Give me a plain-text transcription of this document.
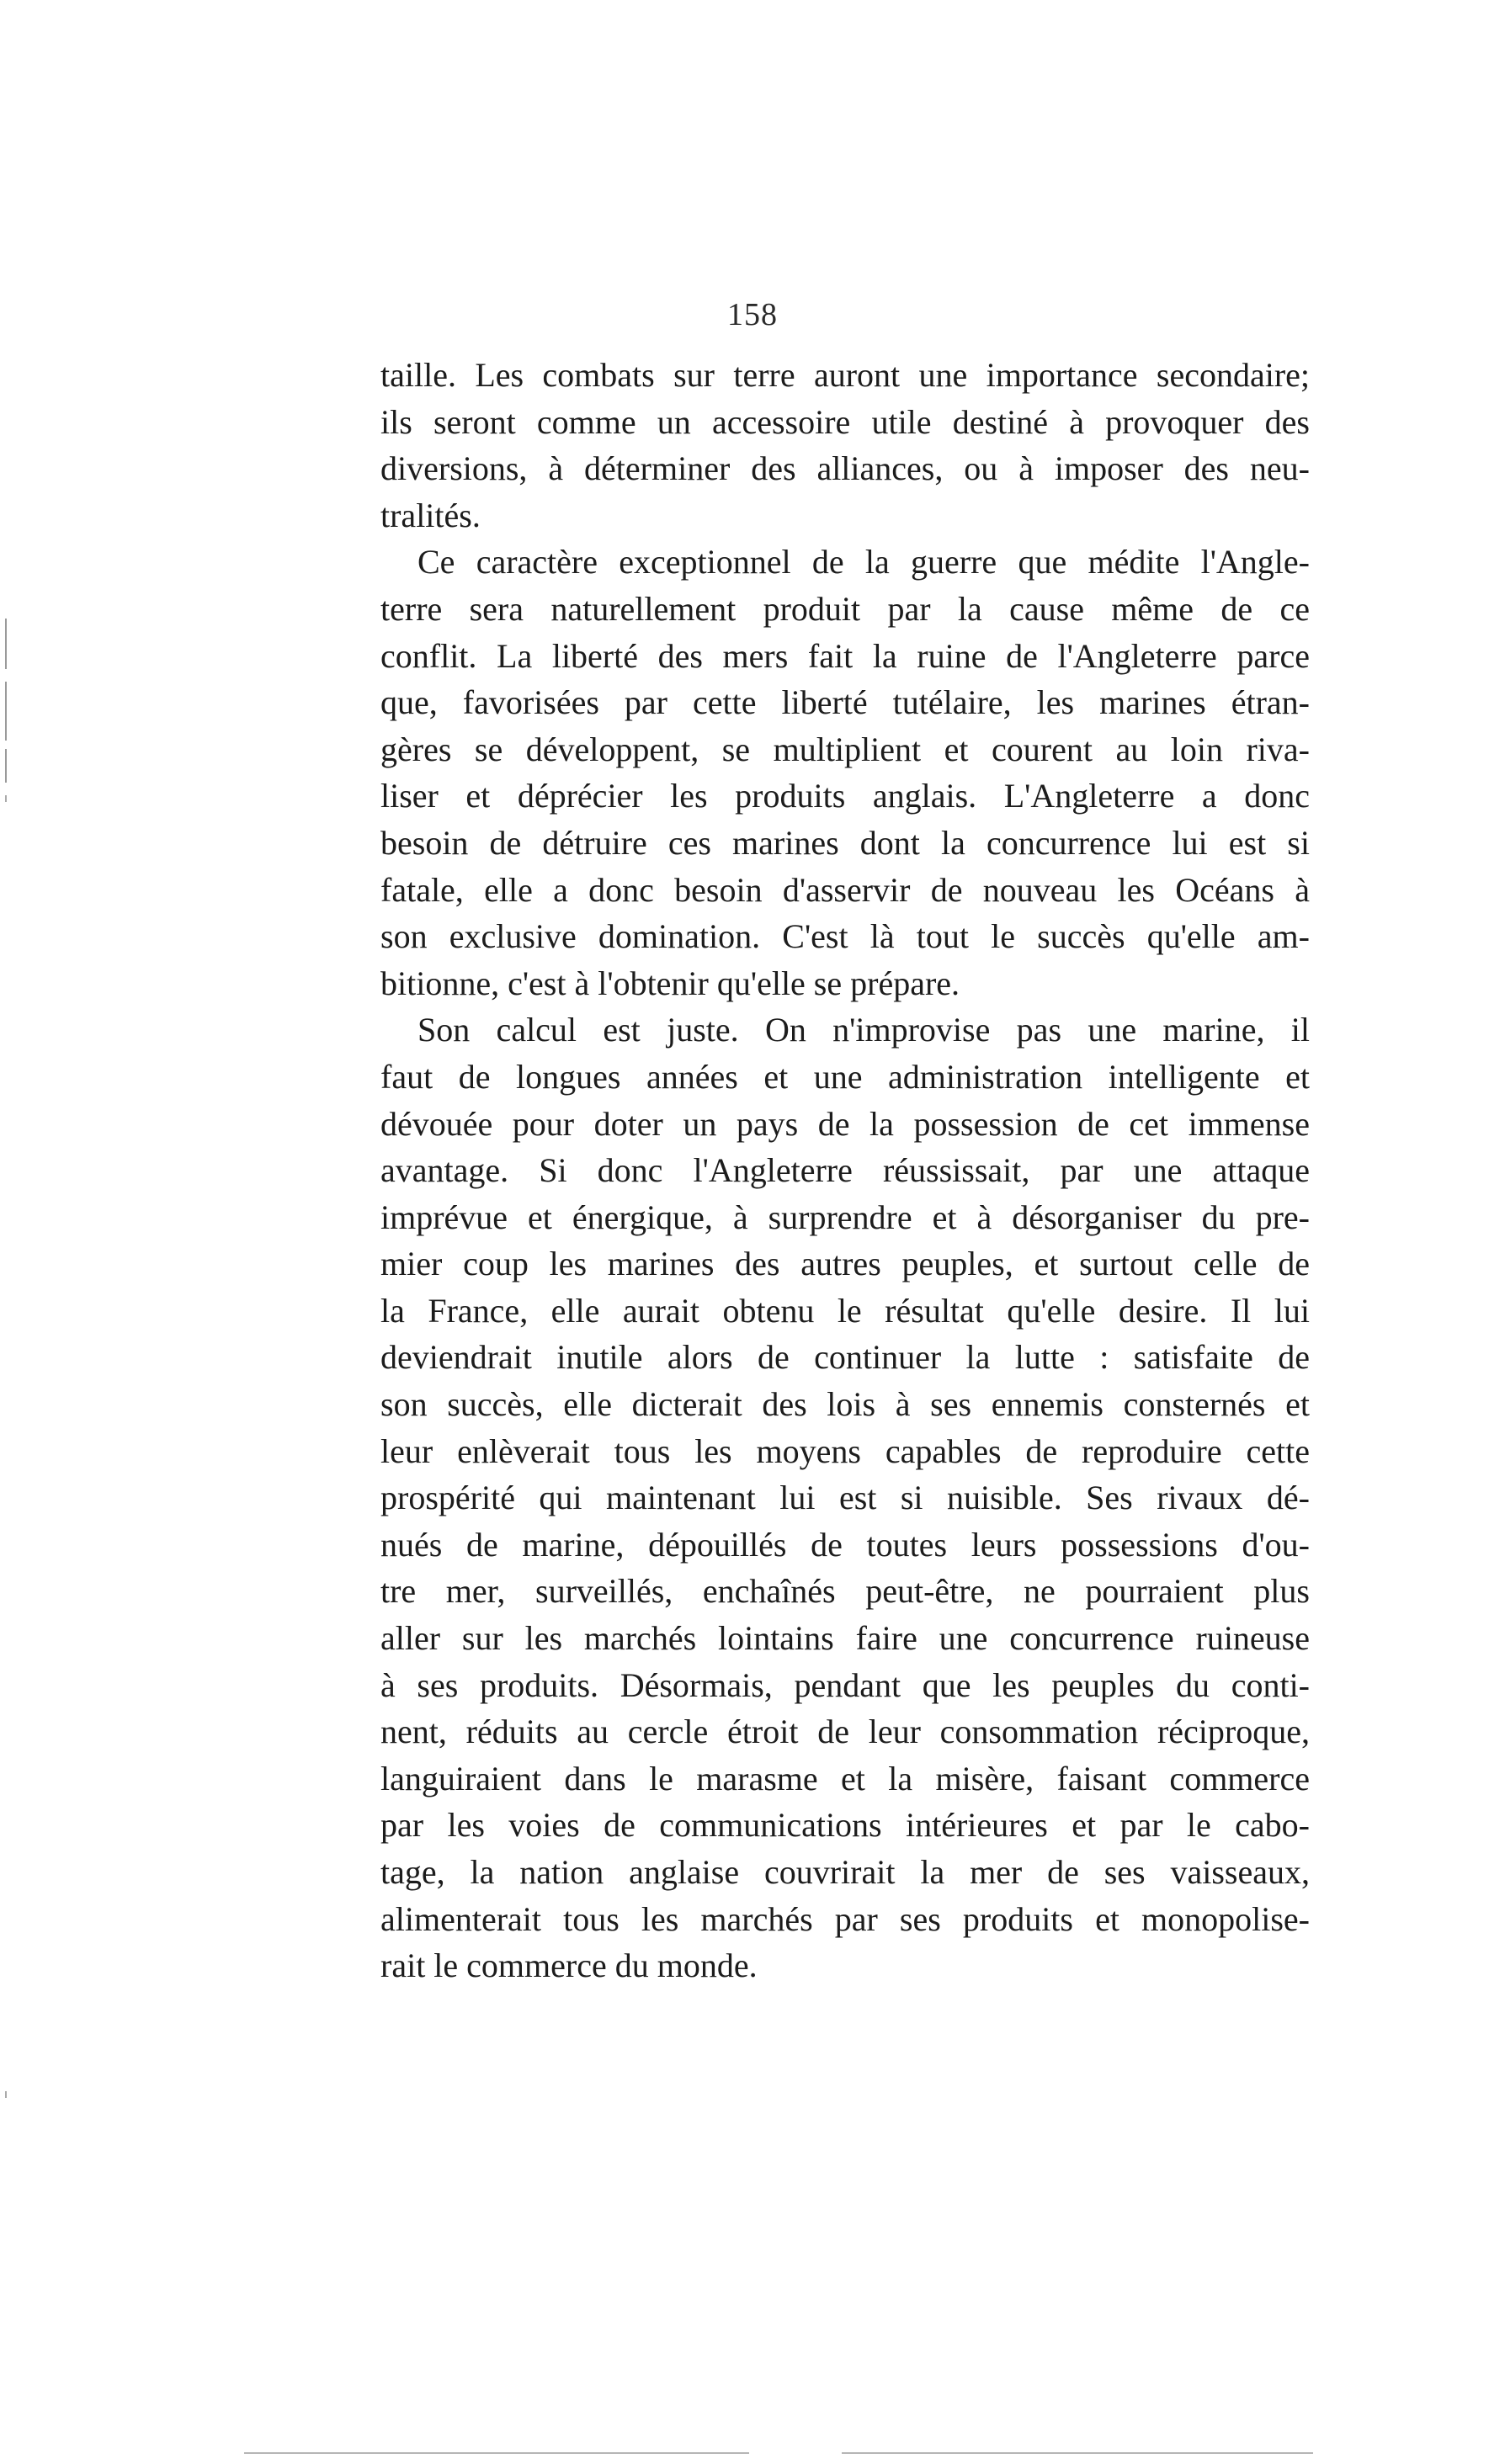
158
taille. Les combats sur terre auront une importance secondaire;
ils seront comme un accessoire utile destiné à provoquer des
diversions, à déterminer des alliances, ou à imposer des neu-
tralités.
Ce caractère exceptionnel de la guerre que médite l'Angle-
terre sera naturellement produit par la cause même de ce
conflit. La liberté des mers fait la ruine de l'Angleterre parce
que, favorisées par cette liberté tutélaire, les marines étran-
gères se développent, se multiplient et courent au loin riva-
liser et déprécier les produits anglais. L'Angleterre a donc
besoin de détruire ces marines dont la concurrence lui est si
fatale, elle a donc besoin d'asservir de nouveau les Océans à
son exclusive domination. C'est là tout le succès qu'elle am-
bitionne, c'est à l'obtenir qu'elle se prépare.
Son calcul est juste. On n'improvise pas une marine, il
faut de longues années et une administration intelligente et
dévouée pour doter un pays de la possession de cet immense
avantage. Si donc l'Angleterre réussissait, par une attaque
imprévue et énergique, à surprendre et à désorganiser du pre-
mier coup les marines des autres peuples, et surtout celle de
la France, elle aurait obtenu le résultat qu'elle desire. Il lui
deviendrait inutile alors de continuer la lutte : satisfaite de
son succès, elle dicterait des lois à ses ennemis consternés et
leur enlèverait tous les moyens capables de reproduire cette
prospérité qui maintenant lui est si nuisible. Ses rivaux dé-
nués de marine, dépouillés de toutes leurs possessions d'ou-
tre mer, surveillés, enchaînés peut-être, ne pourraient plus
aller sur les marchés lointains faire une concurrence ruineuse
à ses produits. Désormais, pendant que les peuples du conti-
nent, réduits au cercle étroit de leur consommation réciproque,
languiraient dans le marasme et la misère, faisant commerce
par les voies de communications intérieures et par le cabo-
tage, la nation anglaise couvrirait la mer de ses vaisseaux,
alimenterait tous les marchés par ses produits et monopolise-
rait le commerce du monde.
